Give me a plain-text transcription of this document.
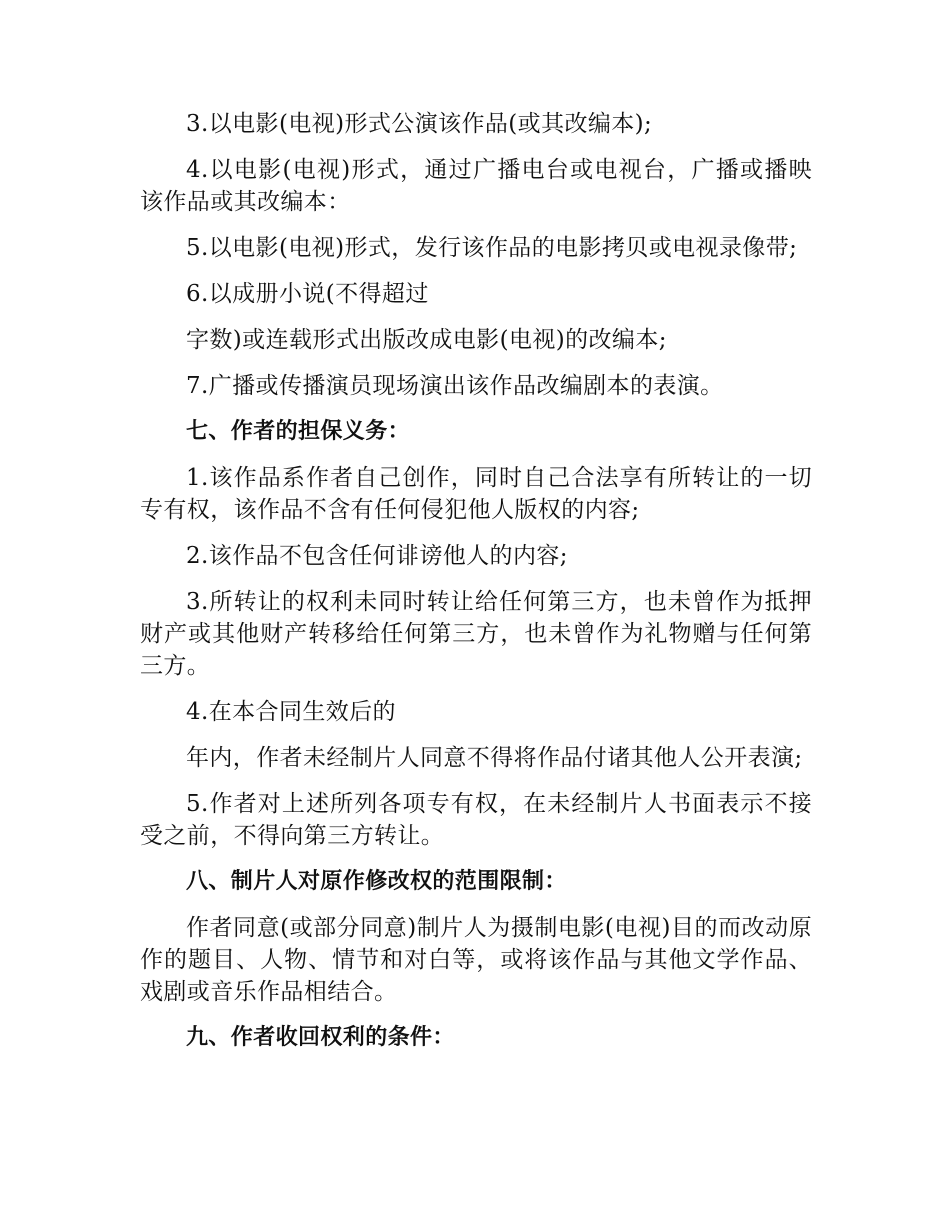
3.以电影(电视)形式公演该作品(或其改编本);

4.以电影(电视)形式，通过广播电台或电视台，广播或播映该作品或其改编本：

5.以电影(电视)形式，发行该作品的电影拷贝或电视录像带;

6.以成册小说(不得超过

字数)或连载形式出版改成电影(电视)的改编本;

7.广播或传播演员现场演出该作品改编剧本的表演。

七、作者的担保义务：

1.该作品系作者自己创作，同时自己合法享有所转让的一切专有权，该作品不含有任何侵犯他人版权的内容;

2.该作品不包含任何诽谤他人的内容;

3.所转让的权利未同时转让给任何第三方，也未曾作为抵押财产或其他财产转移给任何第三方，也未曾作为礼物赠与任何第三方。

4.在本合同生效后的

年内，作者未经制片人同意不得将作品付诸其他人公开表演;

5.作者对上述所列各项专有权，在未经制片人书面表示不接受之前，不得向第三方转让。

八、制片人对原作修改权的范围限制：

作者同意(或部分同意)制片人为摄制电影(电视)目的而改动原作的题目、人物、情节和对白等，或将该作品与其他文学作品、戏剧或音乐作品相结合。

九、作者收回权利的条件：
